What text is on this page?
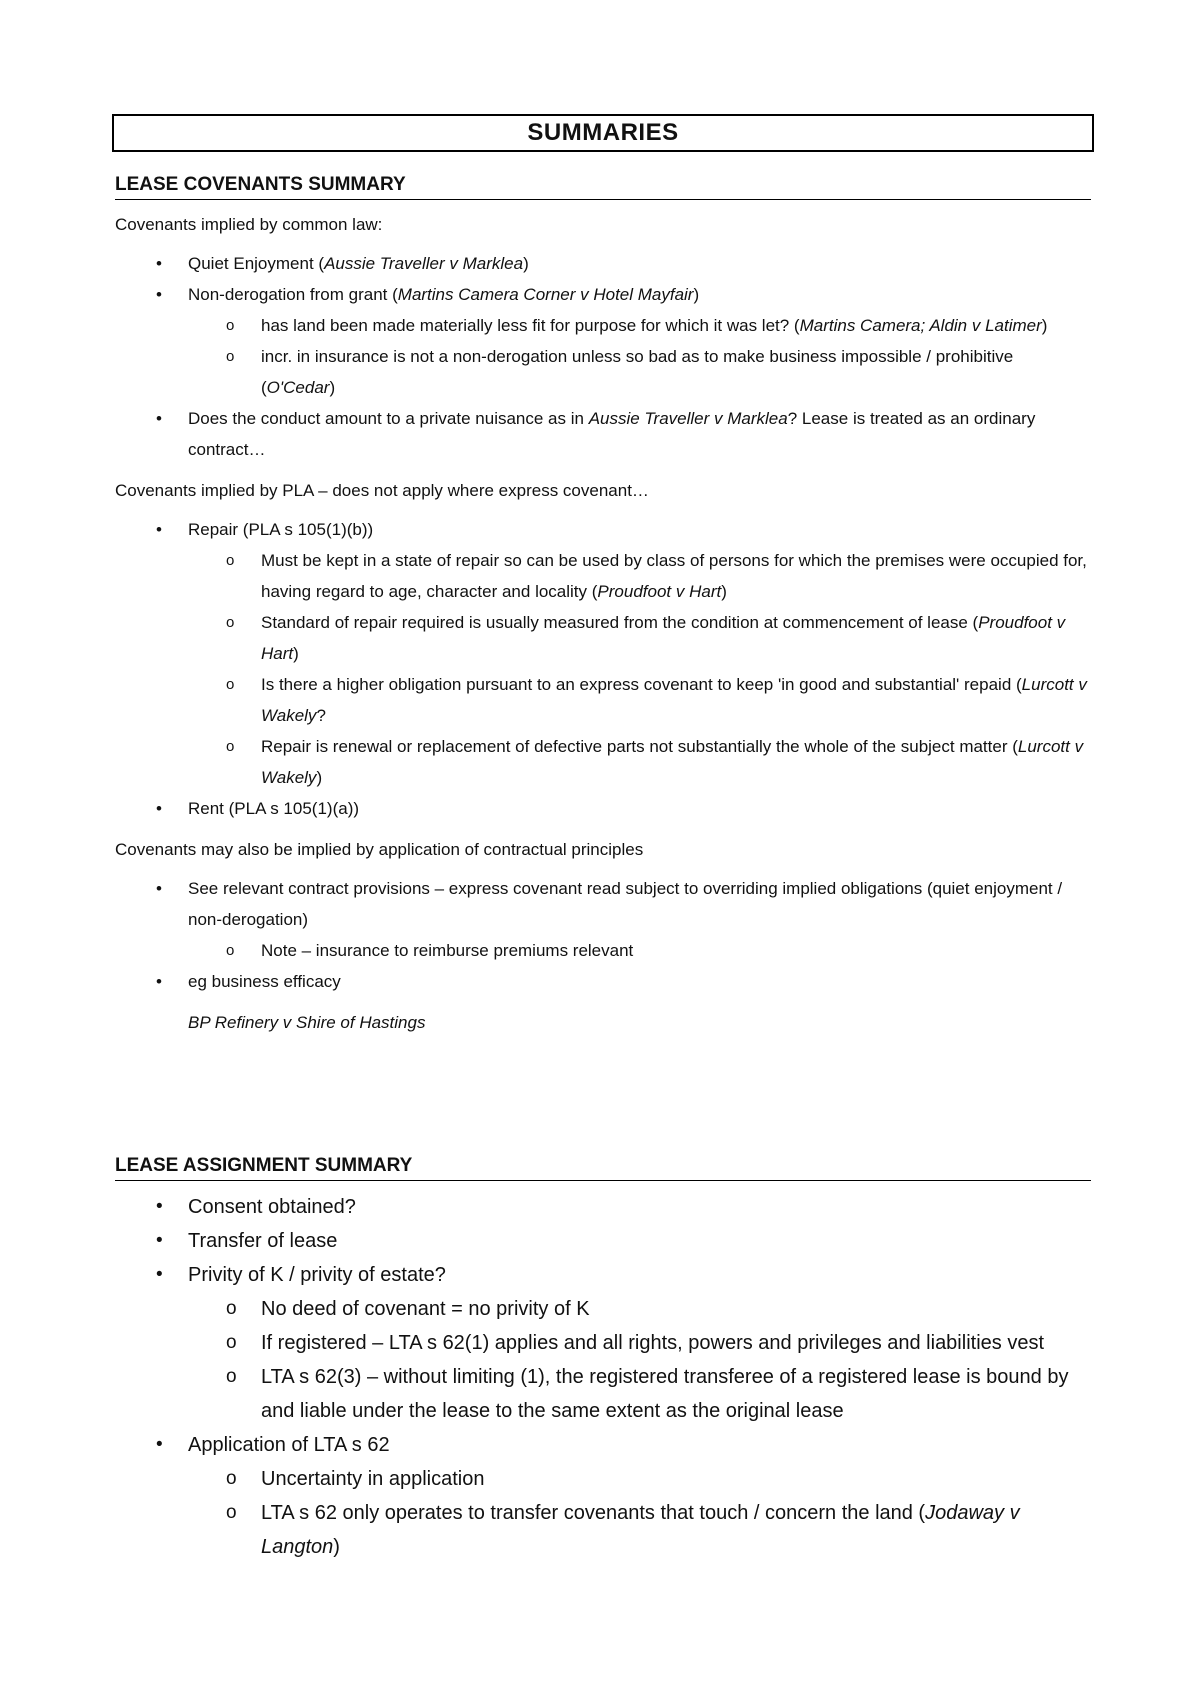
SUMMARIES
LEASE COVENANTS SUMMARY
Covenants implied by common law:
• Quiet Enjoyment (Aussie Traveller v Marklea)
• Non-derogation from grant (Martins Camera Corner v Hotel Mayfair)
o has land been made materially less fit for purpose for which it was let? (Martins Camera; Aldin v Latimer)
o incr. in insurance is not a non-derogation unless so bad as to make business impossible / prohibitive (O'Cedar)
• Does the conduct amount to a private nuisance as in Aussie Traveller v Marklea? Lease is treated as an ordinary contract…
Covenants implied by PLA – does not apply where express covenant…
• Repair (PLA s 105(1)(b))
o Must be kept in a state of repair so can be used by class of persons for which the premises were occupied for, having regard to age, character and locality (Proudfoot v Hart)
o Standard of repair required is usually measured from the condition at commencement of lease (Proudfoot v Hart)
o Is there a higher obligation pursuant to an express covenant to keep 'in good and substantial' repaid (Lurcott v Wakely?
o Repair is renewal or replacement of defective parts not substantially the whole of the subject matter (Lurcott v Wakely)
• Rent (PLA s 105(1)(a))
Covenants may also be implied by application of contractual principles
• See relevant contract provisions – express covenant read subject to overriding implied obligations (quiet enjoyment / non-derogation)
o Note – insurance to reimburse premiums relevant
• eg business efficacy
BP Refinery v Shire of Hastings
LEASE ASSIGNMENT SUMMARY
• Consent obtained?
• Transfer of lease
• Privity of K / privity of estate?
o No deed of covenant = no privity of K
o If registered – LTA s 62(1) applies and all rights, powers and privileges and liabilities vest
o LTA s 62(3) – without limiting (1), the registered transferee of a registered lease is bound by and liable under the lease to the same extent as the original lease
• Application of LTA s 62
o Uncertainty in application
o LTA s 62 only operates to transfer covenants that touch / concern the land (Jodaway v Langton)
